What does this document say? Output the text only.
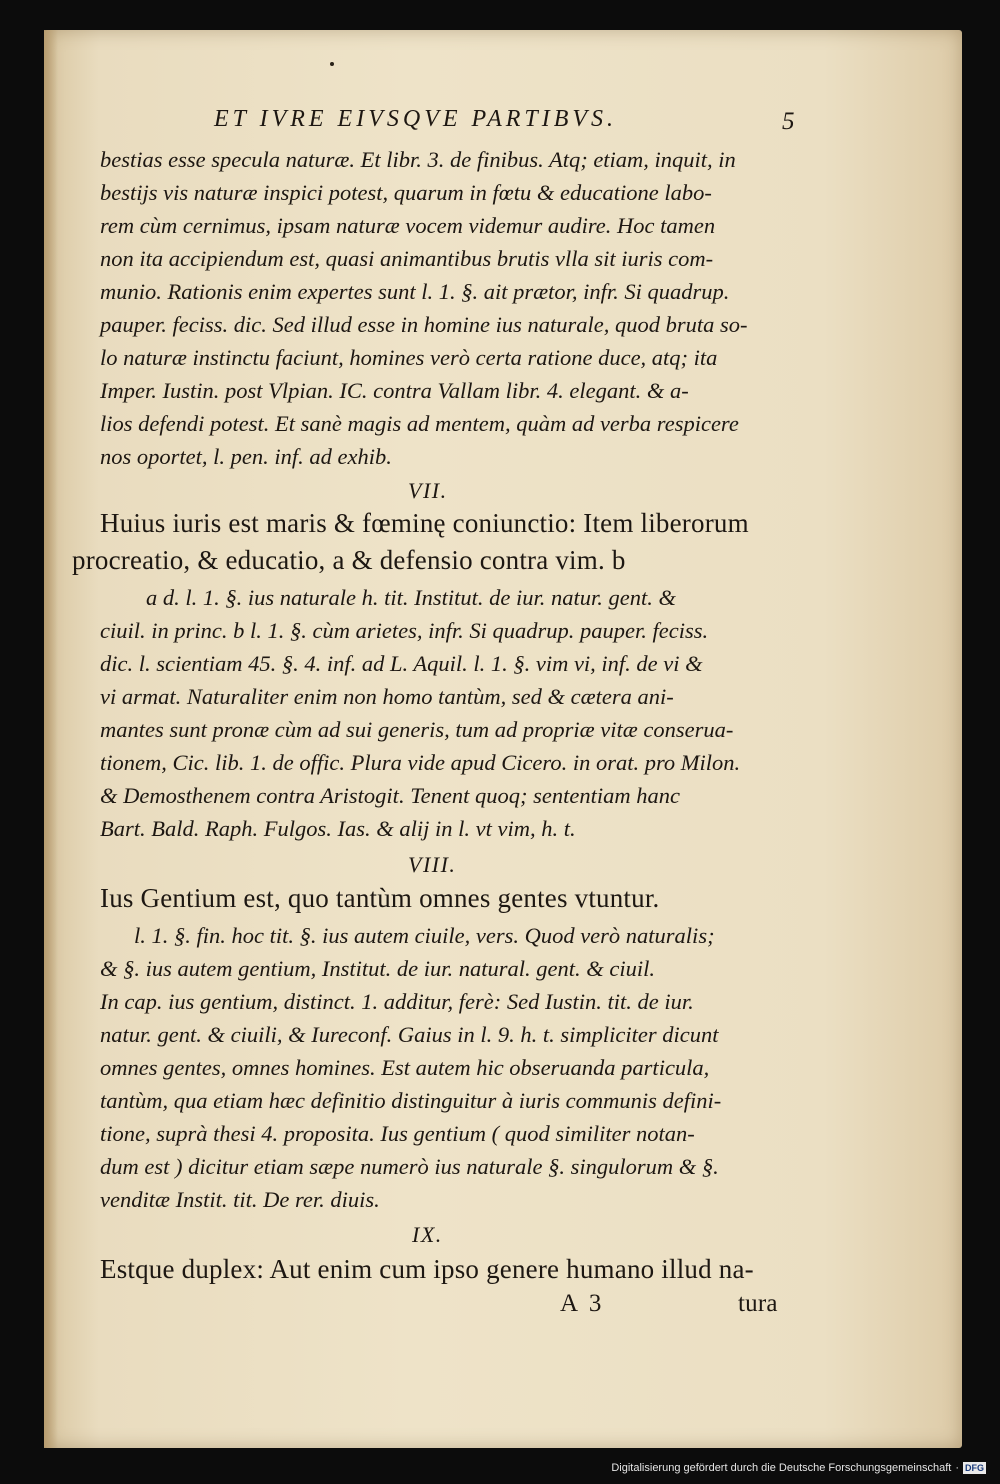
ET IVRE EIVSQVE PARTIBVS.	5

bestias esse specula naturæ. Et libr. 3. de finibus. Atq; etiam, inquit, in

bestijs vis naturæ inspici potest, quarum in fœtu & educatione labo-

rem cùm cernimus, ipsam naturæ vocem videmur audire. Hoc tamen

non ita accipiendum est, quasi animantibus brutis vlla sit iuris com-

munio. Rationis enim expertes sunt l. 1. §. ait prætor, infr. Si quadrup.

pauper. feciss. dic. Sed illud esse in homine ius naturale, quod bruta so-

lo naturæ instinctu faciunt, homines verò certa ratione duce, atq; ita

Imper. Iustin. post Vlpian. IC. contra Vallam libr. 4. elegant. & a-

lios defendi potest. Et sanè magis ad mentem, quàm ad verba respicere

nos oportet, l. pen. inf. ad exhib.

VII.

Huius iuris est maris & fœminę coniunctio: Item liberorum

procreatio, & educatio, a & defensio contra vim. b

a d. l. 1. §. ius naturale h. tit. Institut. de iur. natur. gent. &

ciuil. in princ. b l. 1. §. cùm arietes, infr. Si quadrup. pauper. feciss.

dic. l. scientiam 45. §. 4. inf. ad L. Aquil. l. 1. §. vim vi, inf. de vi &

vi armat. Naturaliter enim non homo tantùm, sed & cætera ani-

mantes sunt pronæ cùm ad sui generis, tum ad propriæ vitæ conserua-

tionem, Cic. lib. 1. de offic. Plura vide apud Cicero. in orat. pro Milon.

& Demosthenem contra Aristogit. Tenent quoq; sententiam hanc

Bart. Bald. Raph. Fulgos. Ias. & alij in l. vt vim, h. t.

VIII.

Ius Gentium est, quo tantùm omnes gentes vtuntur.

l. 1. §. fin. hoc tit. §. ius autem ciuile, vers. Quod verò naturalis;

& §. ius autem gentium, Institut. de iur. natural. gent. & ciuil.

In cap. ius gentium, distinct. 1. additur, ferè: Sed Iustin. tit. de iur.

natur. gent. & ciuili, & Iureconf. Gaius in l. 9. h. t. simpliciter dicunt

omnes gentes, omnes homines. Est autem hic obseruanda particula,

tantùm, qua etiam hæc definitio distinguitur à iuris communis defini-

tione, suprà thesi 4. proposita. Ius gentium ( quod similiter notan-

dum est ) dicitur etiam sæpe numerò ius naturale §. singulorum & §.

venditæ Instit. tit. De rer. diuis.

IX.

Estque duplex: Aut enim cum ipso genere humano illud na-

A 3	tura
Digitalisierung gefördert durch die Deutsche Forschungsgemeinschaft · DFG
